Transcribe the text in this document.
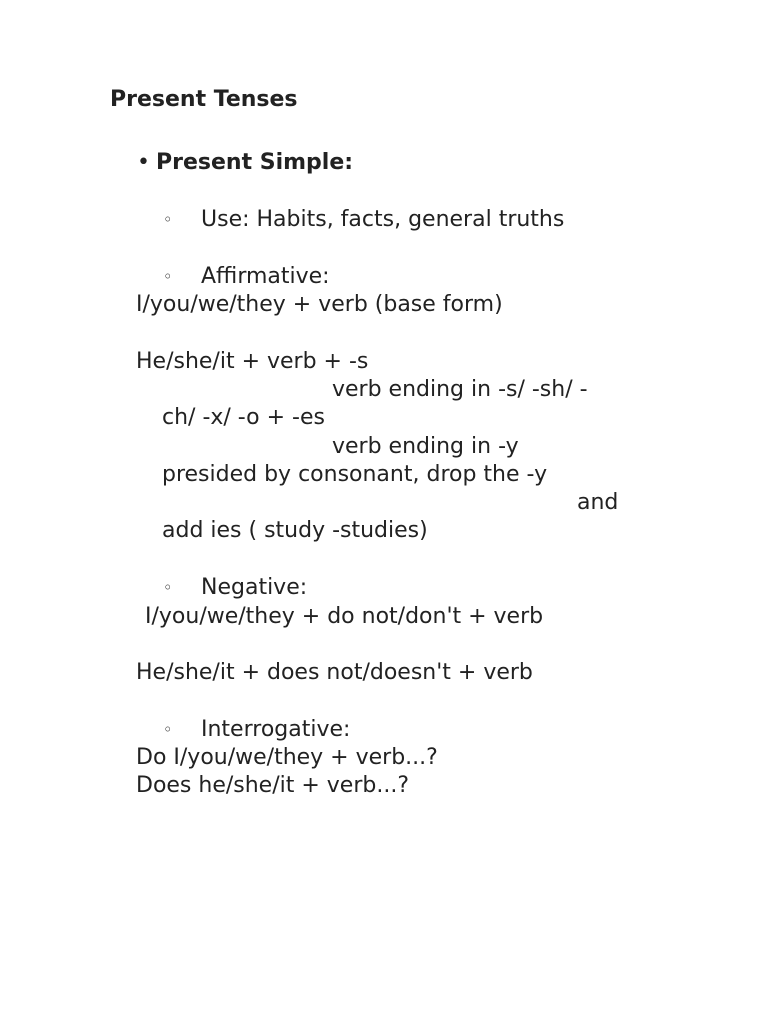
Present Tenses
• Present Simple:
◦ Use: Habits, facts, general truths
◦ Affirmative:
I/you/we/they + verb (base form)
He/she/it + verb + -s
verb ending in -s/ -sh/ -
ch/ -x/ -o + -es
verb ending in -y
presided by consonant, drop the -y
and
add ies ( study -studies)
◦ Negative:
I/you/we/they + do not/don't + verb
He/she/it + does not/doesn't + verb
◦ Interrogative:
Do I/you/we/they + verb...?
Does he/she/it + verb...?
